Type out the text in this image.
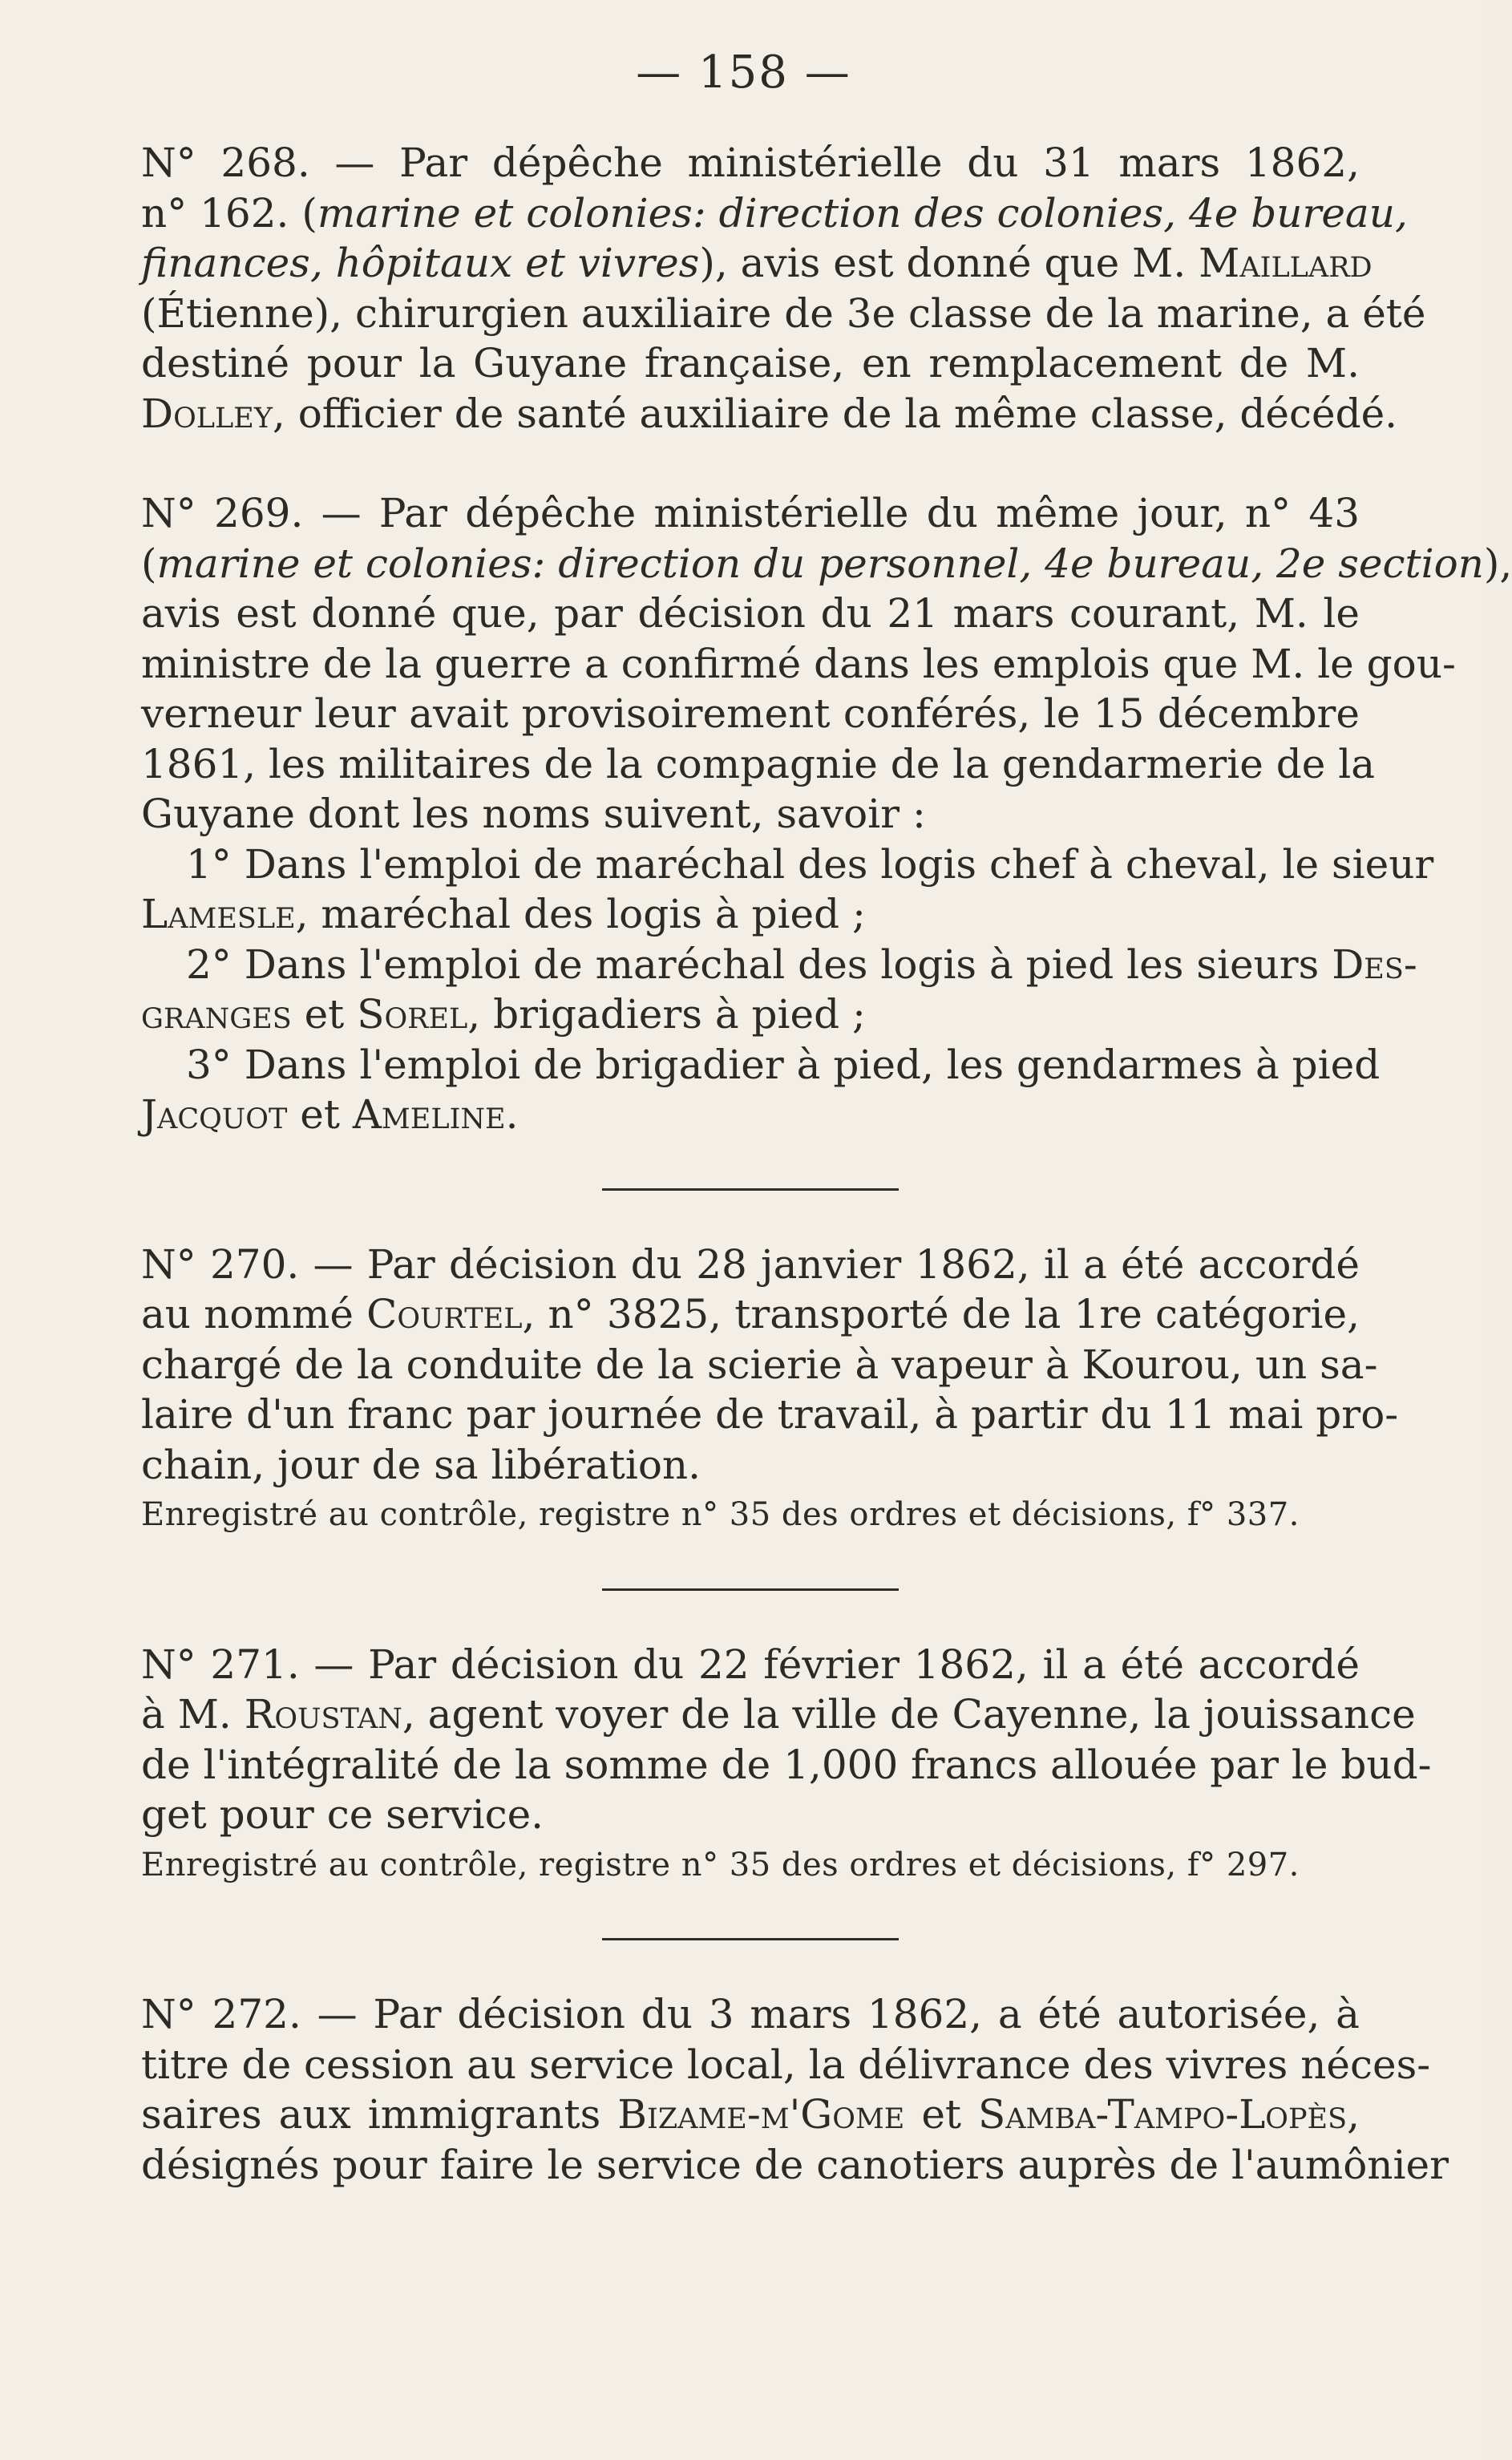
— 158 —
N° 268. — Par dépêche ministérielle du 31 mars 1862,
n° 162. (marine et colonies: direction des colonies, 4e bureau,
finances, hôpitaux et vivres), avis est donné que M. Maillard
(Étienne), chirurgien auxiliaire de 3e classe de la marine, a été
destiné pour la Guyane française, en remplacement de M.
Dolley, officier de santé auxiliaire de la même classe, décédé.
N° 269. — Par dépêche ministérielle du même jour, n° 43
(marine et colonies: direction du personnel, 4e bureau, 2e section),
avis est donné que, par décision du 21 mars courant, M. le
ministre de la guerre a confirmé dans les emplois que M. le gou-
verneur leur avait provisoirement conférés, le 15 décembre
1861, les militaires de la compagnie de la gendarmerie de la
Guyane dont les noms suivent, savoir :
1° Dans l'emploi de maréchal des logis chef à cheval, le sieur
Lamesle, maréchal des logis à pied ;
2° Dans l'emploi de maréchal des logis à pied les sieurs Des-
granges et Sorel, brigadiers à pied ;
3° Dans l'emploi de brigadier à pied, les gendarmes à pied
Jacquot et Ameline.
N° 270. — Par décision du 28 janvier 1862, il a été accordé
au nommé Courtel, n° 3825, transporté de la 1re catégorie,
chargé de la conduite de la scierie à vapeur à Kourou, un sa-
laire d'un franc par journée de travail, à partir du 11 mai pro-
chain, jour de sa libération.
Enregistré au contrôle, registre n° 35 des ordres et décisions, f° 337.
N° 271. — Par décision du 22 février 1862, il a été accordé
à M. Roustan, agent voyer de la ville de Cayenne, la jouissance
de l'intégralité de la somme de 1,000 francs allouée par le bud-
get pour ce service.
Enregistré au contrôle, registre n° 35 des ordres et décisions, f° 297.
N° 272. — Par décision du 3 mars 1862, a été autorisée, à
titre de cession au service local, la délivrance des vivres néces-
saires aux immigrants Bizame-m'Gome et Samba-Tampo-Lopès,
désignés pour faire le service de canotiers auprès de l'aumônier
